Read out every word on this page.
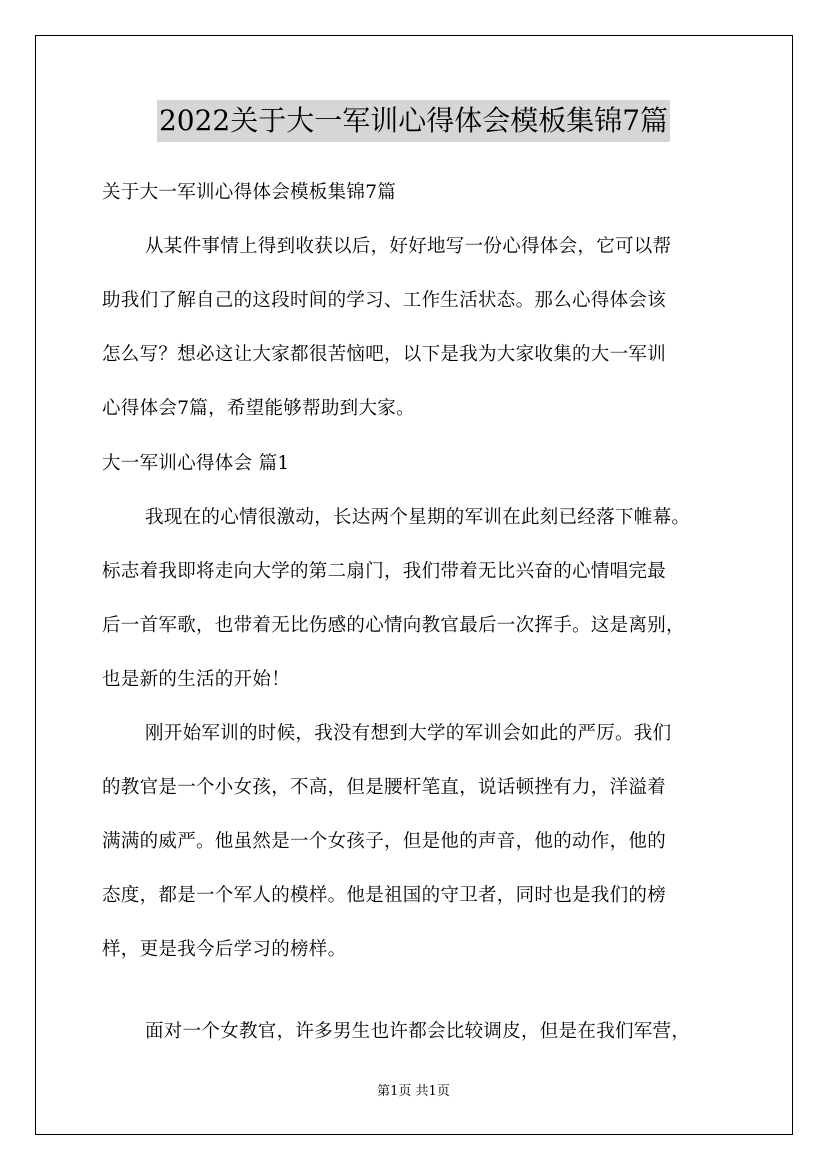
2022关于大一军训心得体会模板集锦7篇
关于大一军训心得体会模板集锦7篇
从某件事情上得到收获以后，好好地写一份心得体会，它可以帮
助我们了解自己的这段时间的学习、工作生活状态。那么心得体会该
怎么写？想必这让大家都很苦恼吧，以下是我为大家收集的大一军训
心得体会7篇，希望能够帮助到大家。
大一军训心得体会 篇1
我现在的心情很激动，长达两个星期的军训在此刻已经落下帷幕。
标志着我即将走向大学的第二扇门，我们带着无比兴奋的心情唱完最
后一首军歌，也带着无比伤感的心情向教官最后一次挥手。这是离别，
也是新的生活的开始！
刚开始军训的时候，我没有想到大学的军训会如此的严厉。我们
的教官是一个小女孩，不高，但是腰杆笔直，说话顿挫有力，洋溢着
满满的威严。他虽然是一个女孩子，但是他的声音，他的动作，他的
态度，都是一个军人的模样。他是祖国的守卫者，同时也是我们的榜
样，更是我今后学习的榜样。
面对一个女教官，许多男生也许都会比较调皮，但是在我们军营，
第1页 共1页
